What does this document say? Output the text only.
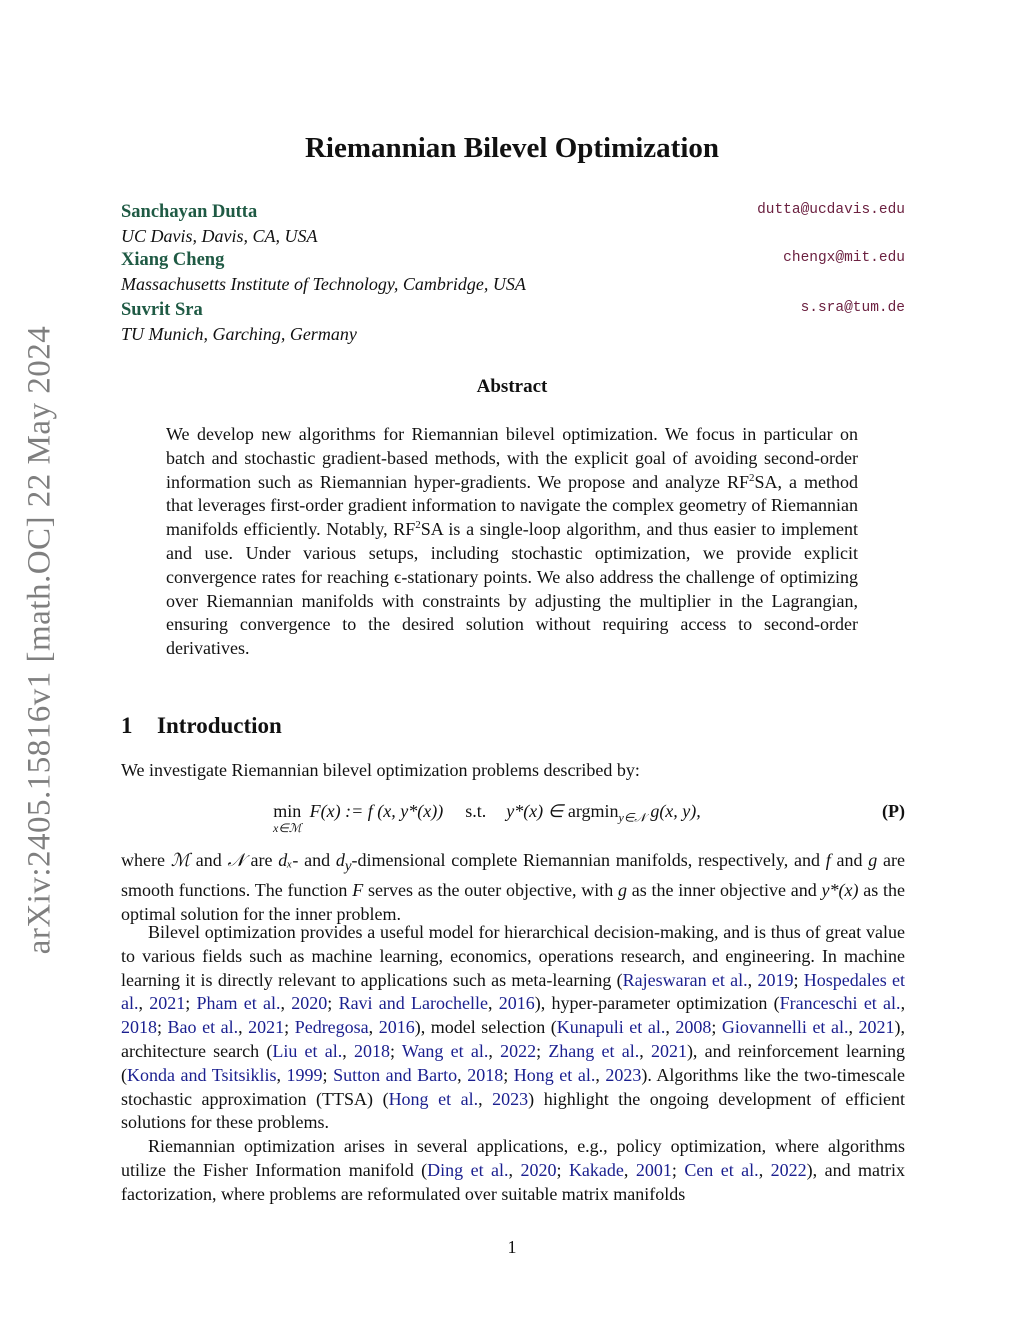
arXiv:2405.15816v1 [math.OC] 22 May 2024
Riemannian Bilevel Optimization
Sanchayan Dutta	dutta@ucdavis.edu
UC Davis, Davis, CA, USA
Xiang Cheng	chengx@mit.edu
Massachusetts Institute of Technology, Cambridge, USA
Suvrit Sra	s.sra@tum.de
TU Munich, Garching, Germany
Abstract
We develop new algorithms for Riemannian bilevel optimization. We focus in particular on batch and stochastic gradient-based methods, with the explicit goal of avoiding second-order information such as Riemannian hyper-gradients. We propose and analyze $RF^2SA$, a method that leverages first-order gradient information to navigate the complex geometry of Riemannian manifolds efficiently. Notably, $RF^2SA$ is a single-loop algorithm, and thus easier to implement and use. Under various setups, including stochastic optimization, we provide explicit convergence rates for reaching ϵ-stationary points. We also address the challenge of optimizing over Riemannian manifolds with constraints by adjusting the multiplier in the Lagrangian, ensuring convergence to the desired solution without requiring access to second-order derivatives.
1 Introduction
We investigate Riemannian bilevel optimization problems described by:
min
x∈ℳ
F(x) := f (x, y*(x)) s.t. y*(x) ∈ argmin$_{y\in 𝒩}$ g(x, y),	(P)
where ℳ and 𝒩 are dₓ- and $d_y$-dimensional complete Riemannian manifolds, respectively, and f and g are smooth functions. The function F serves as the outer objective, with g as the inner objective and y*(x) as the optimal solution for the inner problem.
Bilevel optimization provides a useful model for hierarchical decision-making, and is thus of great value to various fields such as machine learning, economics, operations research, and engineering. In machine learning it is directly relevant to applications such as meta-learning (Rajeswaran et al., 2019; Hospedales et al., 2021; Pham et al., 2020; Ravi and Larochelle, 2016), hyper-parameter optimization (Franceschi et al., 2018; Bao et al., 2021; Pedregosa, 2016), model selection (Kunapuli et al., 2008; Giovannelli et al., 2021), architecture search (Liu et al., 2018; Wang et al., 2022; Zhang et al., 2021), and reinforcement learning (Konda and Tsitsiklis, 1999; Sutton and Barto, 2018; Hong et al., 2023). Algorithms like the two-timescale stochastic approximation (TTSA) (Hong et al., 2023) highlight the ongoing development of efficient solutions for these problems.
Riemannian optimization arises in several applications, e.g., policy optimization, where algorithms utilize the Fisher Information manifold (Ding et al., 2020; Kakade, 2001; Cen et al., 2022), and matrix factorization, where problems are reformulated over suitable matrix manifolds
1
